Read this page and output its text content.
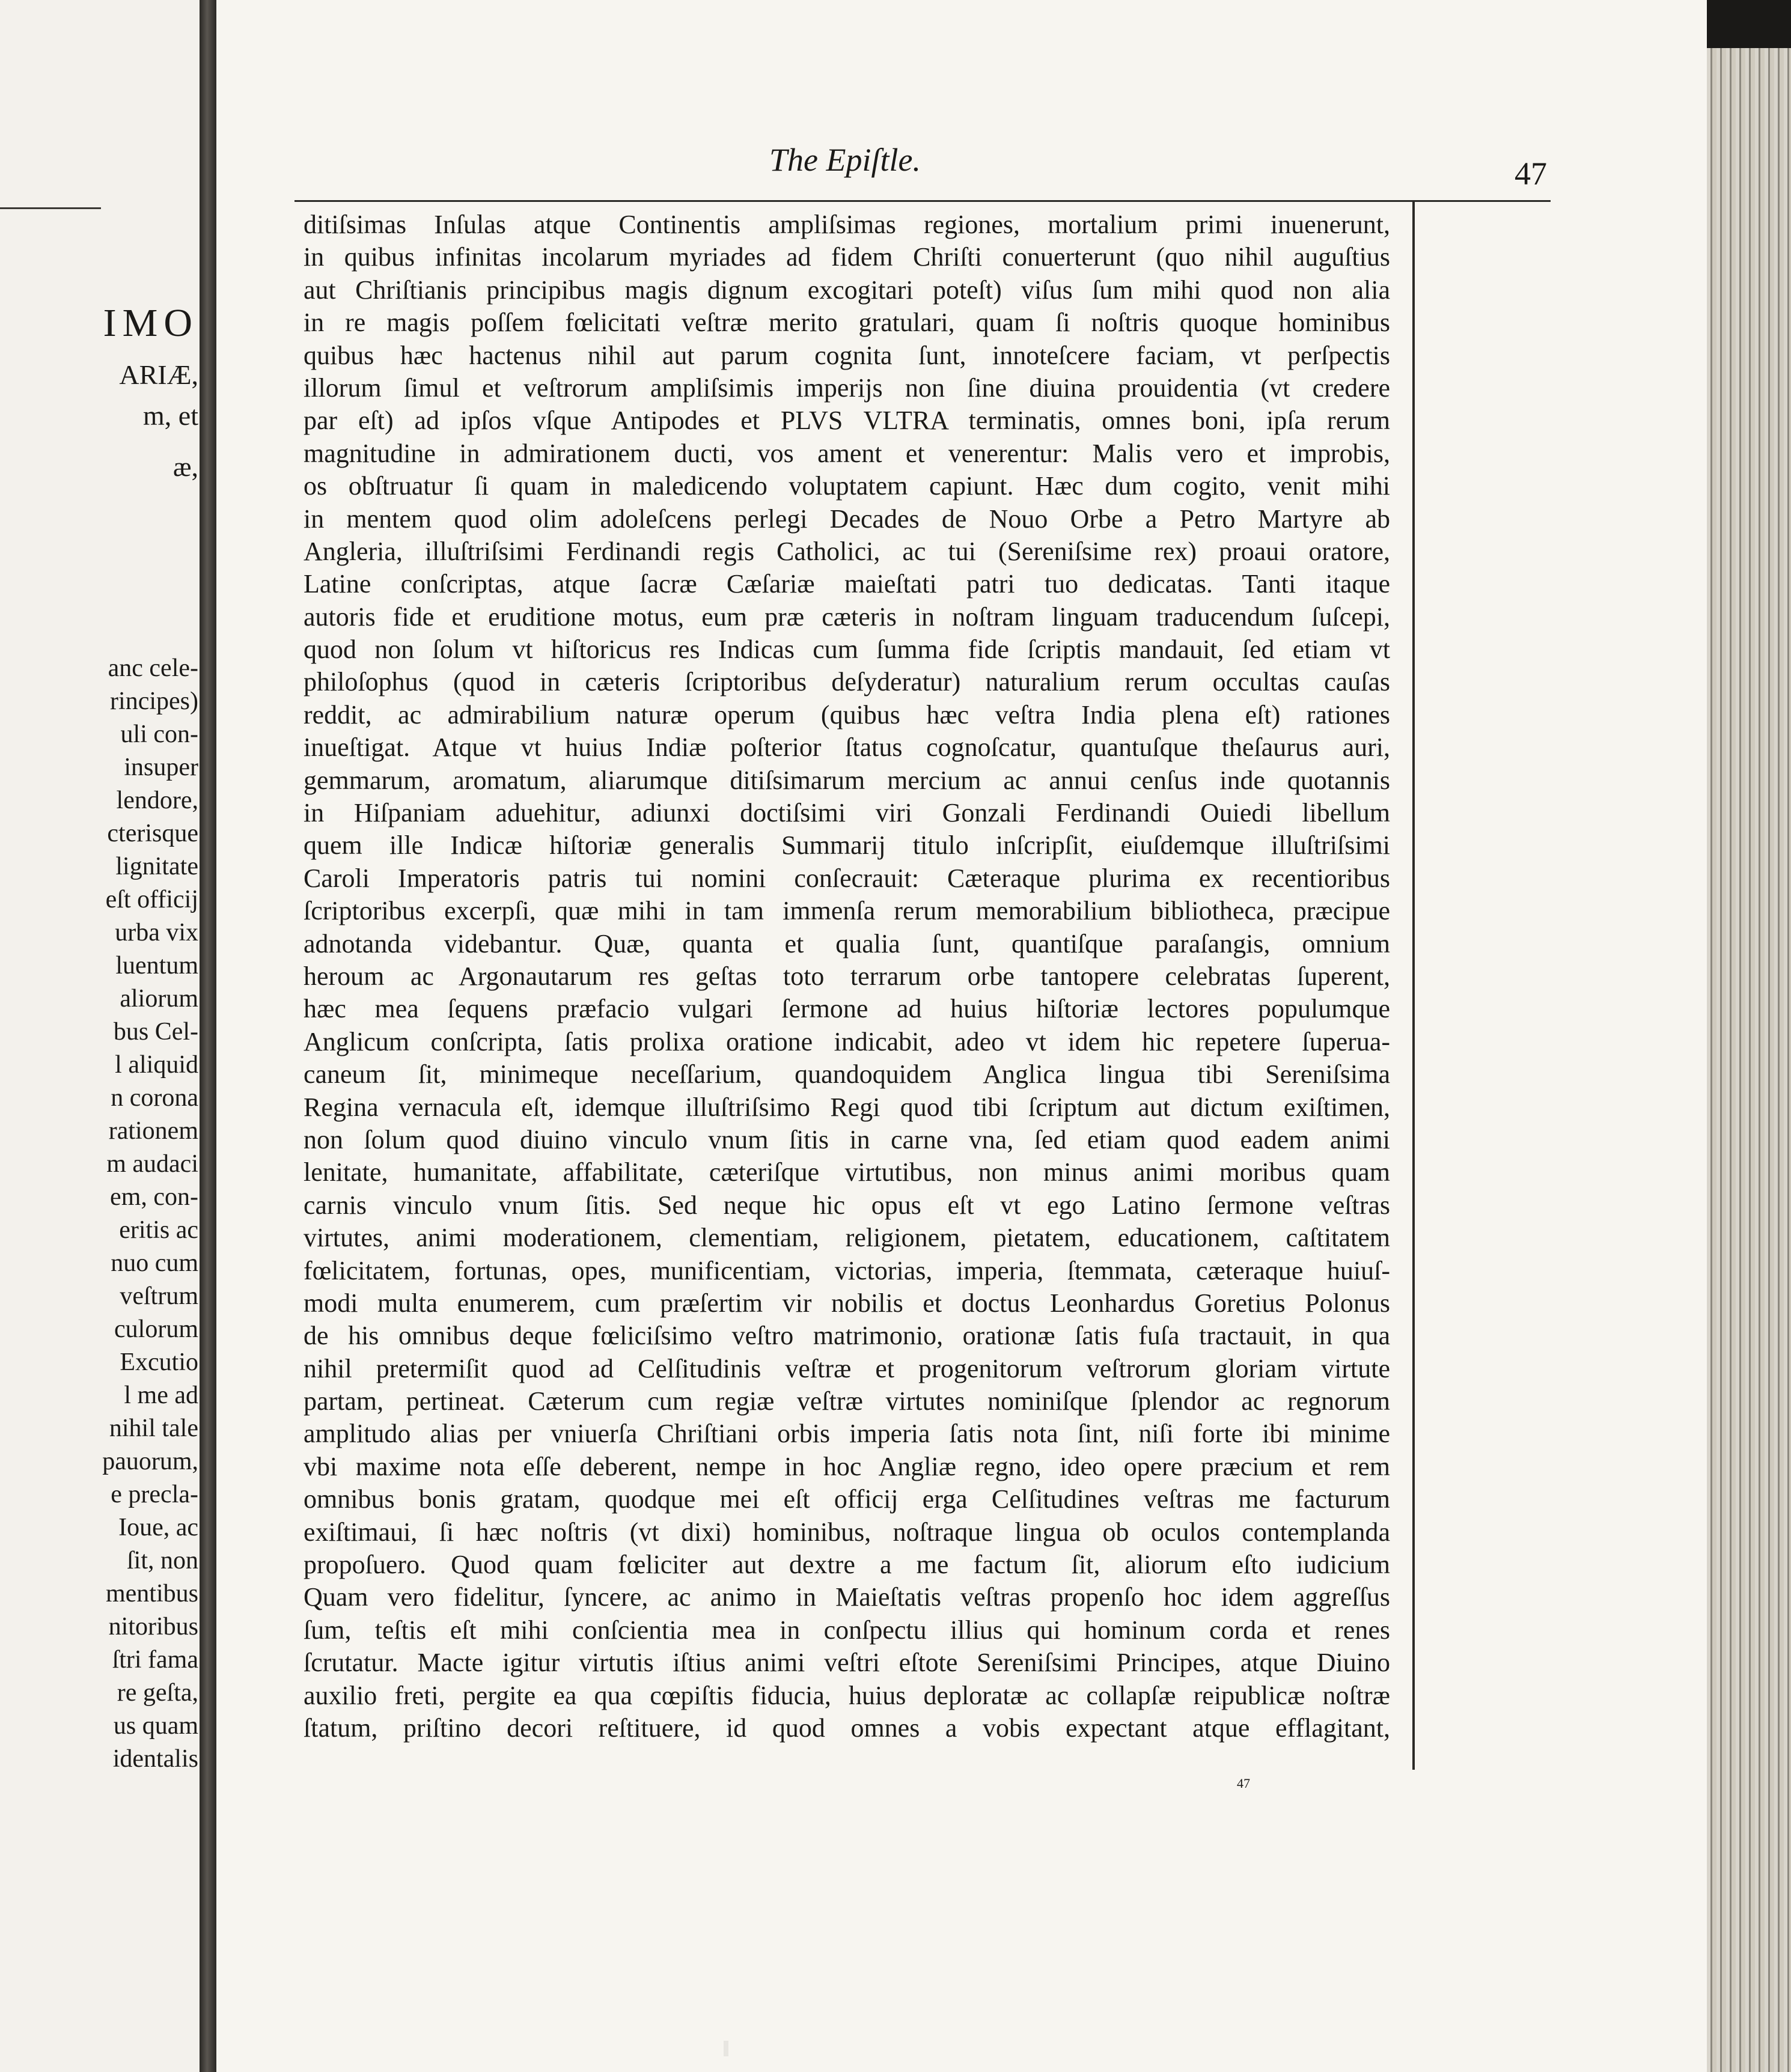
IMO
ARIÆ,
m, et
æ,
anc cele-
rincipes)
uli con-
insuper
lendore,
cterisque
lignitate
eſt officij
urba vix
luentum
aliorum
bus Cel-
l aliquid
n corona
rationem
m audaci
em, con-
eritis ac
nuo cum
veſtrum
culorum
Excutio
l me ad
nihil tale
pauorum,
e precla-
Ioue, ac
ſit, non
mentibus
nitoribus
ſtri fama
re geſta,
us quam
identalis
The Epiſtle.	47
ditiſsimas Inſulas atque Continentis ampliſsimas regiones, mortalium primi inuenerunt,
in quibus infinitas incolarum myriades ad fidem Chriſti conuerterunt (quo nihil auguſtius
aut Chriſtianis principibus magis dignum excogitari poteſt) viſus ſum mihi quod non alia
in re magis poſſem fœlicitati veſtræ merito gratulari, quam ſi noſtris quoque hominibus
quibus hæc hactenus nihil aut parum cognita ſunt, innoteſcere faciam, vt perſpectis
illorum ſimul et veſtrorum ampliſsimis imperijs non ſine diuina prouidentia (vt credere
par eſt) ad ipſos vſque Antipodes et PLVS VLTRA terminatis, omnes boni, ipſa rerum
magnitudine in admirationem ducti, vos ament et venerentur: Malis vero et improbis,
os obſtruatur ſi quam in maledicendo voluptatem capiunt. Hæc dum cogito, venit mihi
in mentem quod olim adoleſcens perlegi Decades de Nouo Orbe a Petro Martyre ab
Angleria, illuſtriſsimi Ferdinandi regis Catholici, ac tui (Sereniſsime rex) proaui oratore,
Latine conſcriptas, atque ſacræ Cæſariæ maieſtati patri tuo dedicatas. Tanti itaque
autoris fide et eruditione motus, eum præ cæteris in noſtram linguam traducendum ſuſcepi,
quod non ſolum vt hiſtoricus res Indicas cum ſumma fide ſcriptis mandauit, ſed etiam vt
philoſophus (quod in cæteris ſcriptoribus deſyderatur) naturalium rerum occultas cauſas
reddit, ac admirabilium naturæ operum (quibus hæc veſtra India plena eſt) rationes
inueſtigat. Atque vt huius Indiæ poſterior ſtatus cognoſcatur, quantuſque theſaurus auri,
gemmarum, aromatum, aliarumque ditiſsimarum mercium ac annui cenſus inde quotannis
in Hiſpaniam aduehitur, adiunxi doctiſsimi viri Gonzali Ferdinandi Ouiedi libellum
quem ille Indicæ hiſtoriæ generalis Summarij titulo inſcripſit, eiuſdemque illuſtriſsimi
Caroli Imperatoris patris tui nomini conſecrauit: Cæteraque plurima ex recentioribus
ſcriptoribus excerpſi, quæ mihi in tam immenſa rerum memorabilium bibliotheca, præcipue
adnotanda videbantur. Quæ, quanta et qualia ſunt, quantiſque paraſangis, omnium
heroum ac Argonautarum res geſtas toto terrarum orbe tantopere celebratas ſuperent,
hæc mea ſequens præfacio vulgari ſermone ad huius hiſtoriæ lectores populumque
Anglicum conſcripta, ſatis prolixa oratione indicabit, adeo vt idem hic repetere ſuperua-
caneum ſit, minimeque neceſſarium, quandoquidem Anglica lingua tibi Sereniſsima
Regina vernacula eſt, idemque illuſtriſsimo Regi quod tibi ſcriptum aut dictum exiſtimen,
non ſolum quod diuino vinculo vnum ſitis in carne vna, ſed etiam quod eadem animi
lenitate, humanitate, affabilitate, cæteriſque virtutibus, non minus animi moribus quam
carnis vinculo vnum ſitis. Sed neque hic opus eſt vt ego Latino ſermone veſtras
virtutes, animi moderationem, clementiam, religionem, pietatem, educationem, caſtitatem
fœlicitatem, fortunas, opes, munificentiam, victorias, imperia, ſtemmata, cæteraque huiuſ-
modi multa enumerem, cum præſertim vir nobilis et doctus Leonhardus Goretius Polonus
de his omnibus deque fœliciſsimo veſtro matrimonio, orationæ ſatis fuſa tractauit, in qua
nihil pretermiſit quod ad Celſitudinis veſtræ et progenitorum veſtrorum gloriam virtute
partam, pertineat. Cæterum cum regiæ veſtræ virtutes nominiſque ſplendor ac regnorum
amplitudo alias per vniuerſa Chriſtiani orbis imperia ſatis nota ſint, niſi forte ibi minime
vbi maxime nota eſſe deberent, nempe in hoc Angliæ regno, ideo opere præcium et rem
omnibus bonis gratam, quodque mei eſt officij erga Celſitudines veſtras me facturum
exiſtimaui, ſi hæc noſtris (vt dixi) hominibus, noſtraque lingua ob oculos contemplanda
propoſuero. Quod quam fœliciter aut dextre a me factum ſit, aliorum eſto iudicium
Quam vero fidelitur, ſyncere, ac animo in Maieſtatis veſtras propenſo hoc idem aggreſſus
ſum, teſtis eſt mihi conſcientia mea in conſpectu illius qui hominum corda et renes
ſcrutatur. Macte igitur virtutis iſtius animi veſtri eſtote Sereniſsimi Principes, atque Diuino
auxilio freti, pergite ea qua cœpiſtis fiducia, huius deploratæ ac collapſæ reipublicæ noſtræ
ſtatum, priſtino decori reſtituere, id quod omnes a vobis expectant atque efflagitant,
47
